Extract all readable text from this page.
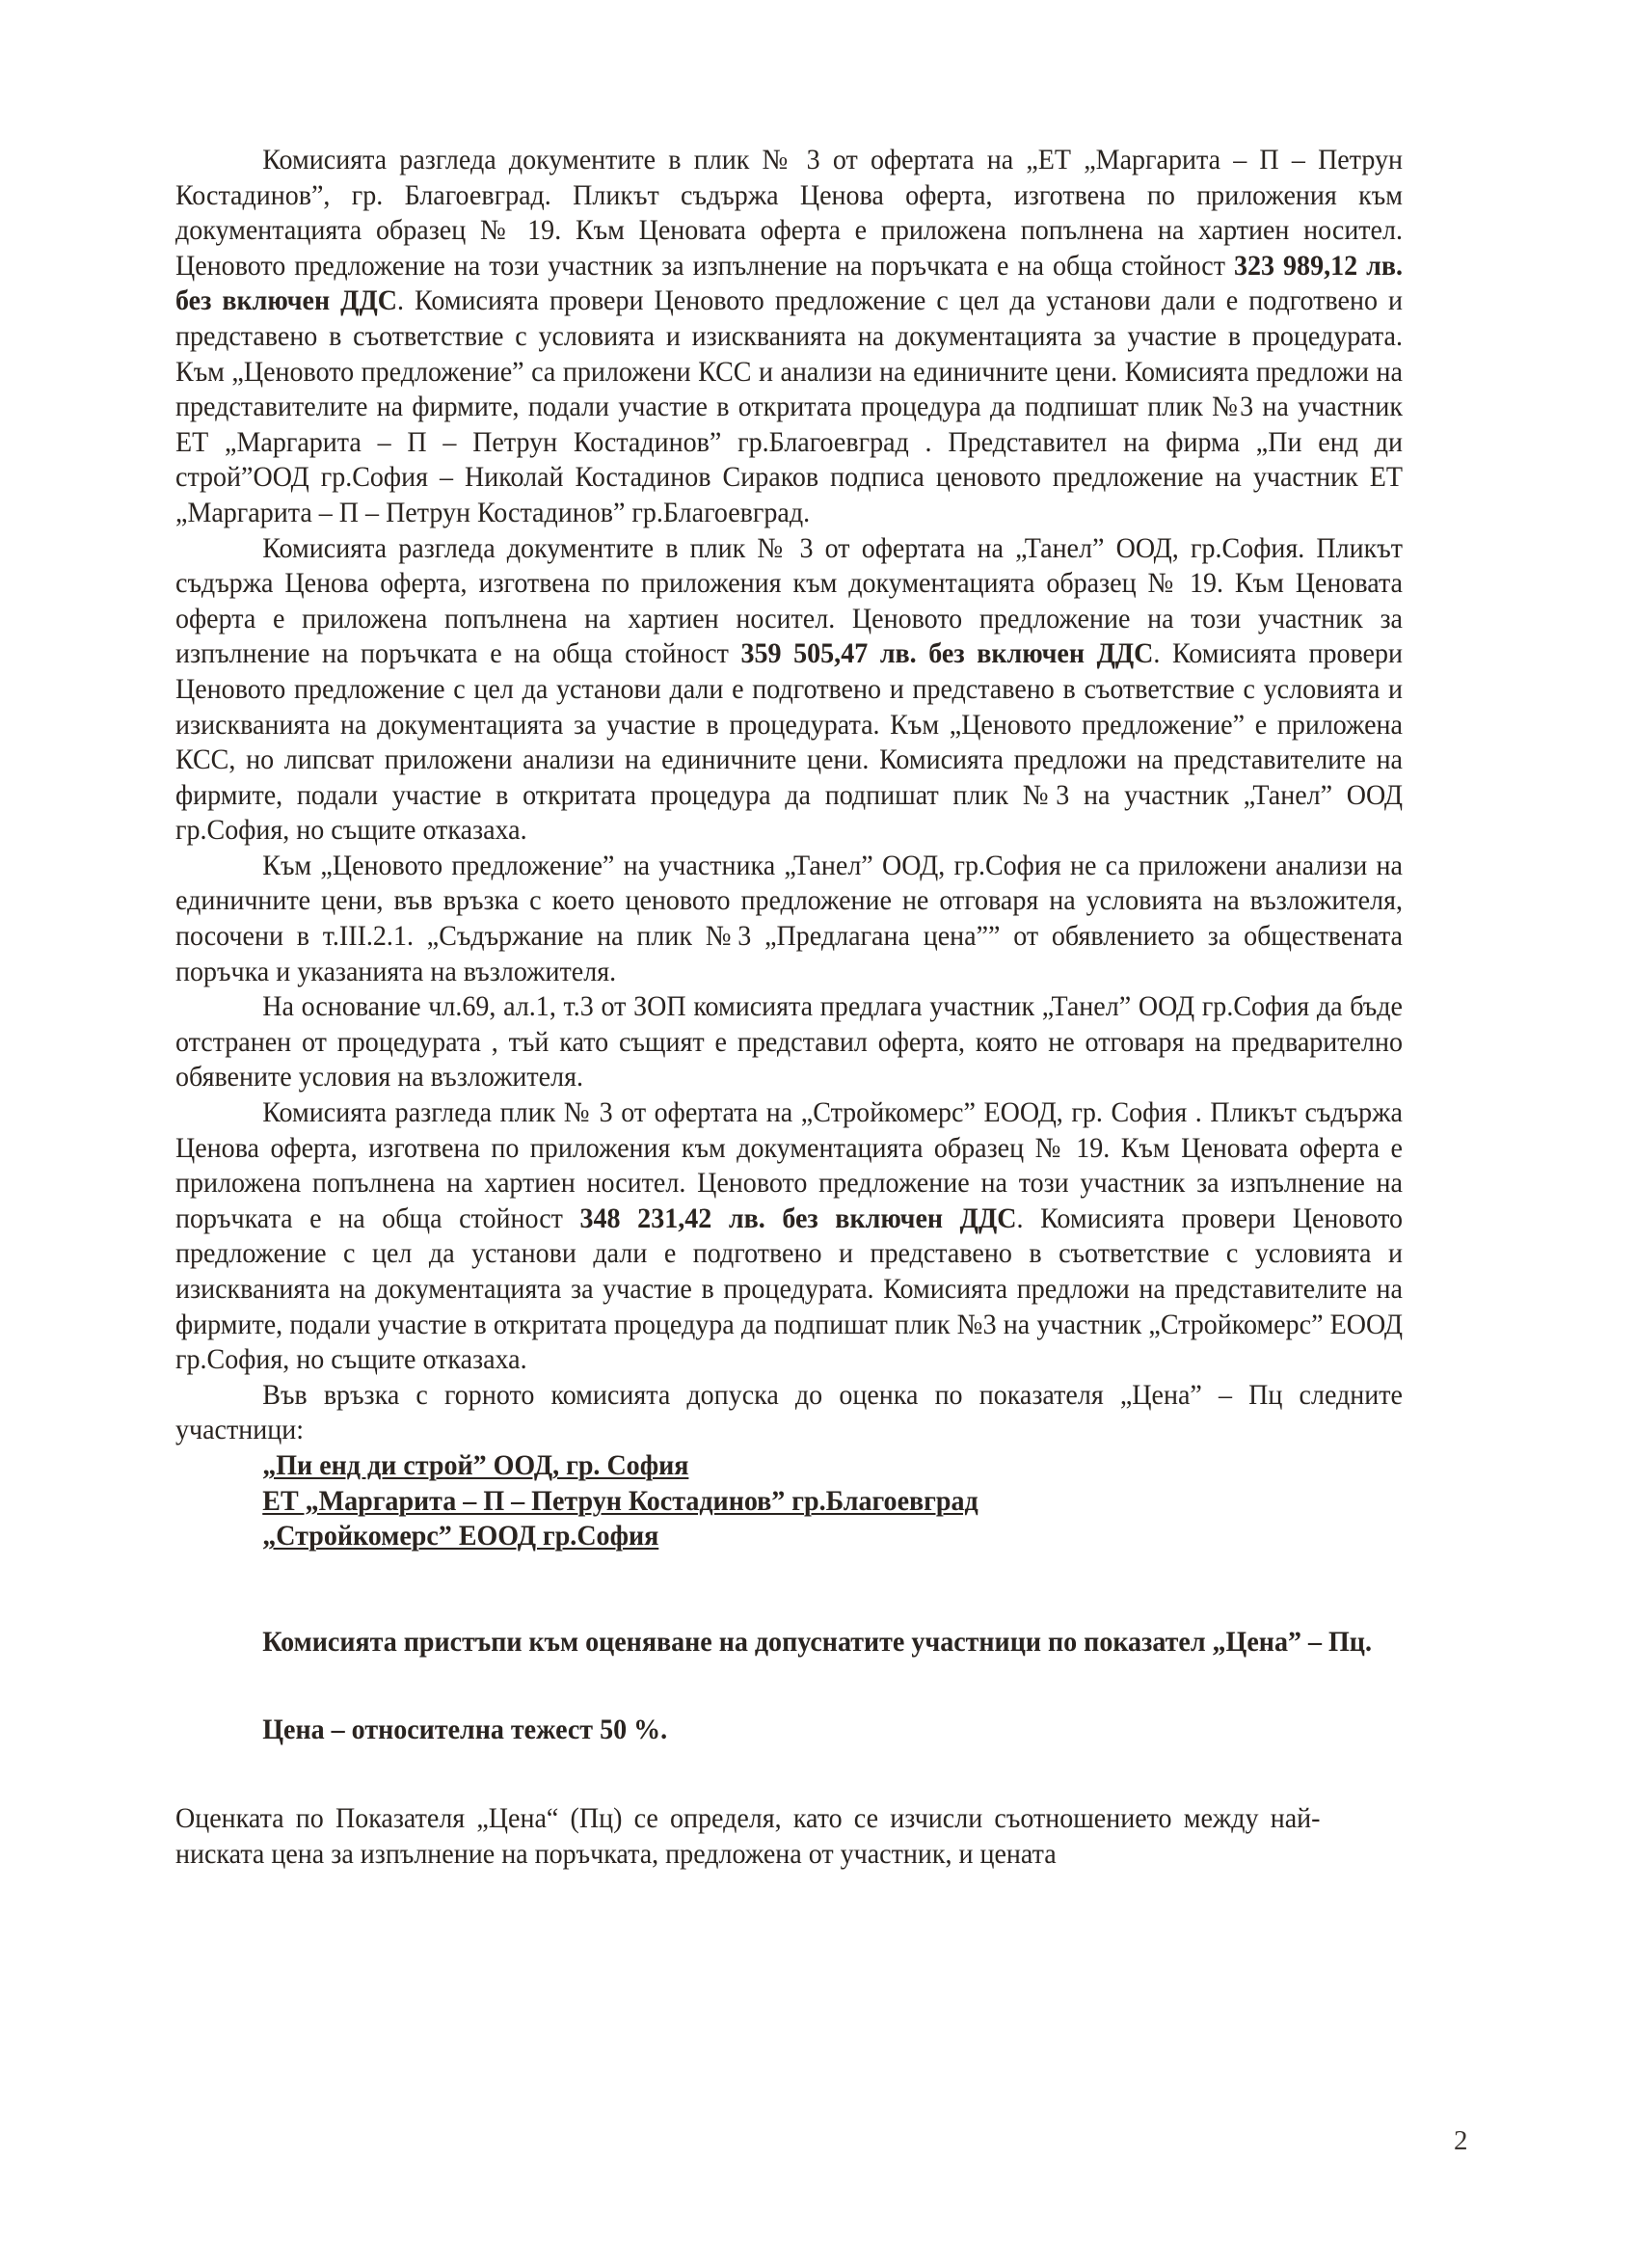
Комисията разгледа документите в плик № 3 от офертата на „ЕТ „Маргарита – П – Петрун Костадинов”, гр. Благоевград. Пликът съдържа Ценова оферта, изготвена по приложения към документацията образец № 19. Към Ценовата оферта е приложена попълнена на хартиен носител. Ценовото предложение на този участник за изпълнение на поръчката е на обща стойност 323 989,12 лв. без включен ДДС. Комисията провери Ценовото предложение с цел да установи дали е подготвено и представено в съответствие с условията и изискванията на документацията за участие в процедурата. Към „Ценовото предложение” са приложени КСС и анализи на единичните цени. Комисията предложи на представителите на фирмите, подали участие в откритата процедура да подпишат плик №3 на участник ЕТ „Маргарита – П – Петрун Костадинов” гр.Благоевград . Представител на фирма „Пи енд ди строй”ООД гр.София – Николай Костадинов Сираков подписа ценовото предложение на участник ЕТ „Маргарита – П – Петрун Костадинов” гр.Благоевград.

Комисията разгледа документите в плик № 3 от офертата на „Танел” ООД, гр.София. Пликът съдържа Ценова оферта, изготвена по приложения към документацията образец № 19. Към Ценовата оферта е приложена попълнена на хартиен носител. Ценовото предложение на този участник за изпълнение на поръчката е на обща стойност 359 505,47 лв. без включен ДДС. Комисията провери Ценовото предложение с цел да установи дали е подготвено и представено в съответствие с условията и изискванията на документацията за участие в процедурата. Към „Ценовото предложение” е приложена КСС, но липсват приложени анализи на единичните цени. Комисията предложи на представителите на фирмите, подали участие в откритата процедура да подпишат плик №3 на участник „Танел” ООД гр.София, но същите отказаха.

Към „Ценовото предложение” на участника „Танел” ООД, гр.София не са приложени анализи на единичните цени, във връзка с което ценовото предложение не отговаря на условията на възложителя, посочени в т.III.2.1. „Съдържание на плик №3 „Предлагана цена”” от обявлението за обществената поръчка и указанията на възложителя.

На основание чл.69, ал.1, т.3 от ЗОП комисията предлага участник „Танел” ООД гр.София да бъде отстранен от процедурата , тъй като същият е представил оферта, която не отговаря на предварително обявените условия на възложителя.

Комисията разгледа плик № 3 от офертата на „Стройкомерс” ЕООД, гр. София . Пликът съдържа Ценова оферта, изготвена по приложения към документацията образец № 19. Към Ценовата оферта е приложена попълнена на хартиен носител. Ценовото предложение на този участник за изпълнение на поръчката е на обща стойност 348 231,42 лв. без включен ДДС. Комисията провери Ценовото предложение с цел да установи дали е подготвено и представено в съответствие с условията и изискванията на документацията за участие в процедурата. Комисията предложи на представителите на фирмите, подали участие в откритата процедура да подпишат плик №3 на участник „Стройкомерс” ЕООД гр.София, но същите отказаха.

Във връзка с горното комисията допуска до оценка по показателя „Цена” – Пц следните участници:

„Пи енд ди строй” ООД, гр. София
ЕТ „Маргарита – П – Петрун Костадинов” гр.Благоевград
„Стройкомерс” ЕООД гр.София

Комисията пристъпи към оценяване на допуснатите участници по показател „Цена” – Пц.

Цена – относителна тежест 50 %.

Оценката по Показателя „Цена“ (Пц) се определя, като се изчисли съотношението между най-ниската цена за изпълнение на поръчката, предложена от участник, и цената

2
